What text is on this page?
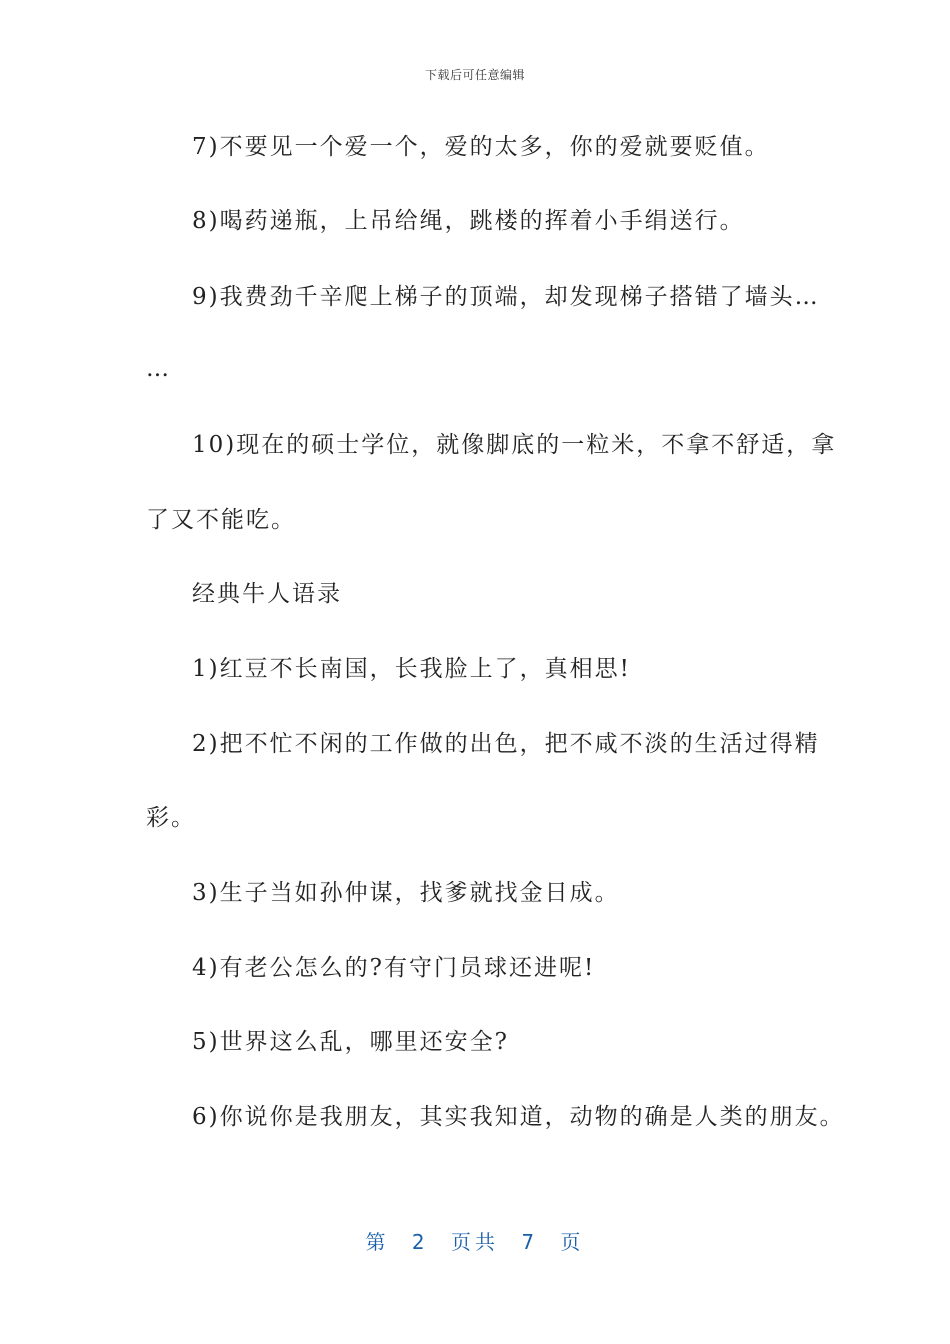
下载后可任意编辑
7)不要见一个爱一个，爱的太多，你的爱就要贬值。
8)喝药递瓶，上吊给绳，跳楼的挥着小手绢送行。
9)我费劲千辛爬上梯子的顶端，却发现梯子搭错了墙头…
…
10)现在的硕士学位，就像脚底的一粒米，不拿不舒适，拿
了又不能吃。
经典牛人语录
1)红豆不长南国，长我脸上了，真相思!
2)把不忙不闲的工作做的出色，把不咸不淡的生活过得精
彩。
3)生子当如孙仲谋，找爹就找金日成。
4)有老公怎么的?有守门员球还进呢!
5)世界这么乱，哪里还安全?
6)你说你是我朋友，其实我知道，动物的确是人类的朋友。
第 2 页共 7 页
